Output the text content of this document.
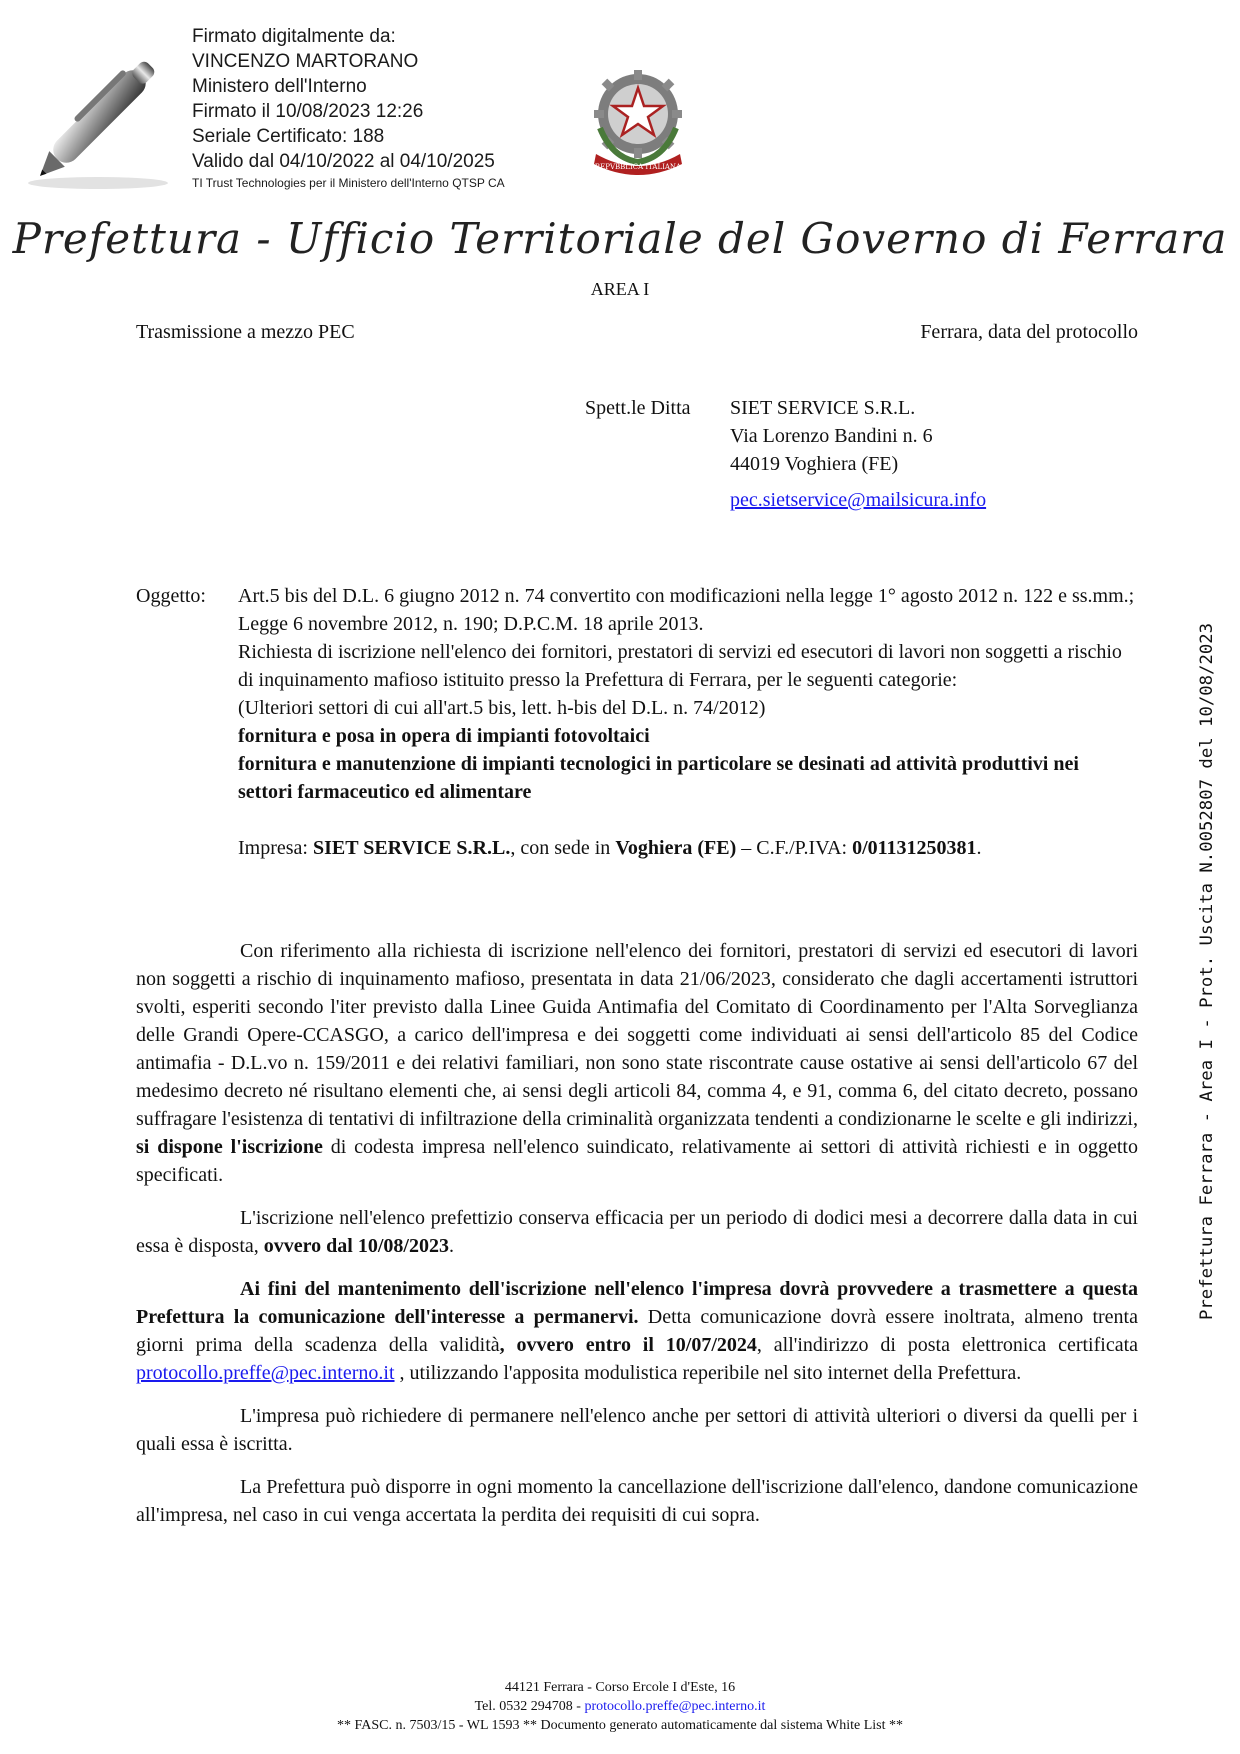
Firmato digitalmente da:
VINCENZO MARTORANO
Ministero dell'Interno
Firmato il 10/08/2023 12:26
Seriale Certificato: 188
Valido dal 04/10/2022 al 04/10/2025
TI Trust Technologies per il Ministero dell'Interno QTSP CA
REPVBBLICA ITALIANA
Prefettura - Ufficio Territoriale del Governo di Ferrara
AREA I
Trasmissione a mezzo PEC	Ferrara, data del protocollo
Spett.le Ditta SIET SERVICE S.R.L.
Via Lorenzo Bandini n. 6
44019 Voghiera (FE)
pec.sietservice@mailsicura.info
Oggetto: Art.5 bis del D.L. 6 giugno 2012 n. 74 convertito con modificazioni nella legge 1° agosto 2012 n. 122 e ss.mm.; Legge 6 novembre 2012, n. 190; D.P.C.M. 18 aprile 2013.

Richiesta di iscrizione nell'elenco dei fornitori, prestatori di servizi ed esecutori di lavori non soggetti a rischio di inquinamento mafioso istituito presso la Prefettura di Ferrara, per le seguenti categorie:

(Ulteriori settori di cui all'art.5 bis, lett. h-bis del D.L. n. 74/2012)

fornitura e posa in opera di impianti fotovoltaici

fornitura e manutenzione di impianti tecnologici in particolare se desinati ad attività produttivi nei settori farmaceutico ed alimentare

Impresa: SIET SERVICE S.R.L., con sede in Voghiera (FE) – C.F./P.IVA: 0/01131250381.

Con riferimento alla richiesta di iscrizione nell'elenco dei fornitori, prestatori di servizi ed esecutori di lavori non soggetti a rischio di inquinamento mafioso, presentata in data 21/06/2023, considerato che dagli accertamenti istruttori svolti, esperiti secondo l'iter previsto dalla Linee Guida Antimafia del Comitato di Coordinamento per l'Alta Sorveglianza delle Grandi Opere-CCASGO, a carico dell'impresa e dei soggetti come individuati ai sensi dell'articolo 85 del Codice antimafia - D.L.vo n. 159/2011 e dei relativi familiari, non sono state riscontrate cause ostative ai sensi dell'articolo 67 del medesimo decreto né risultano elementi che, ai sensi degli articoli 84, comma 4, e 91, comma 6, del citato decreto, possano suffragare l'esistenza di tentativi di infiltrazione della criminalità organizzata tendenti a condizionarne le scelte e gli indirizzi, si dispone l'iscrizione di codesta impresa nell'elenco suindicato, relativamente ai settori di attività richiesti e in oggetto specificati.

L'iscrizione nell'elenco prefettizio conserva efficacia per un periodo di dodici mesi a decorrere dalla data in cui essa è disposta, ovvero dal 10/08/2023.

Ai fini del mantenimento dell'iscrizione nell'elenco l'impresa dovrà provvedere a trasmettere a questa Prefettura la comunicazione dell'interesse a permanervi. Detta comunicazione dovrà essere inoltrata, almeno trenta giorni prima della scadenza della validità, ovvero entro il 10/07/2024, all'indirizzo di posta elettronica certificata protocollo.preffe@pec.interno.it , utilizzando l'apposita modulistica reperibile nel sito internet della Prefettura.

L'impresa può richiedere di permanere nell'elenco anche per settori di attività ulteriori o diversi da quelli per i quali essa è iscritta.

La Prefettura può disporre in ogni momento la cancellazione dell'iscrizione dall'elenco, dandone comunicazione all'impresa, nel caso in cui venga accertata la perdita dei requisiti di cui sopra.

44121 Ferrara - Corso Ercole I d'Este, 16
Tel. 0532 294708 - protocollo.preffe@pec.interno.it
** FASC. n. 7503/15 - WL 1593 ** Documento generato automaticamente dal sistema White List **
Prefettura Ferrara - Area I - Prot. Uscita N.0052807 del 10/08/2023
